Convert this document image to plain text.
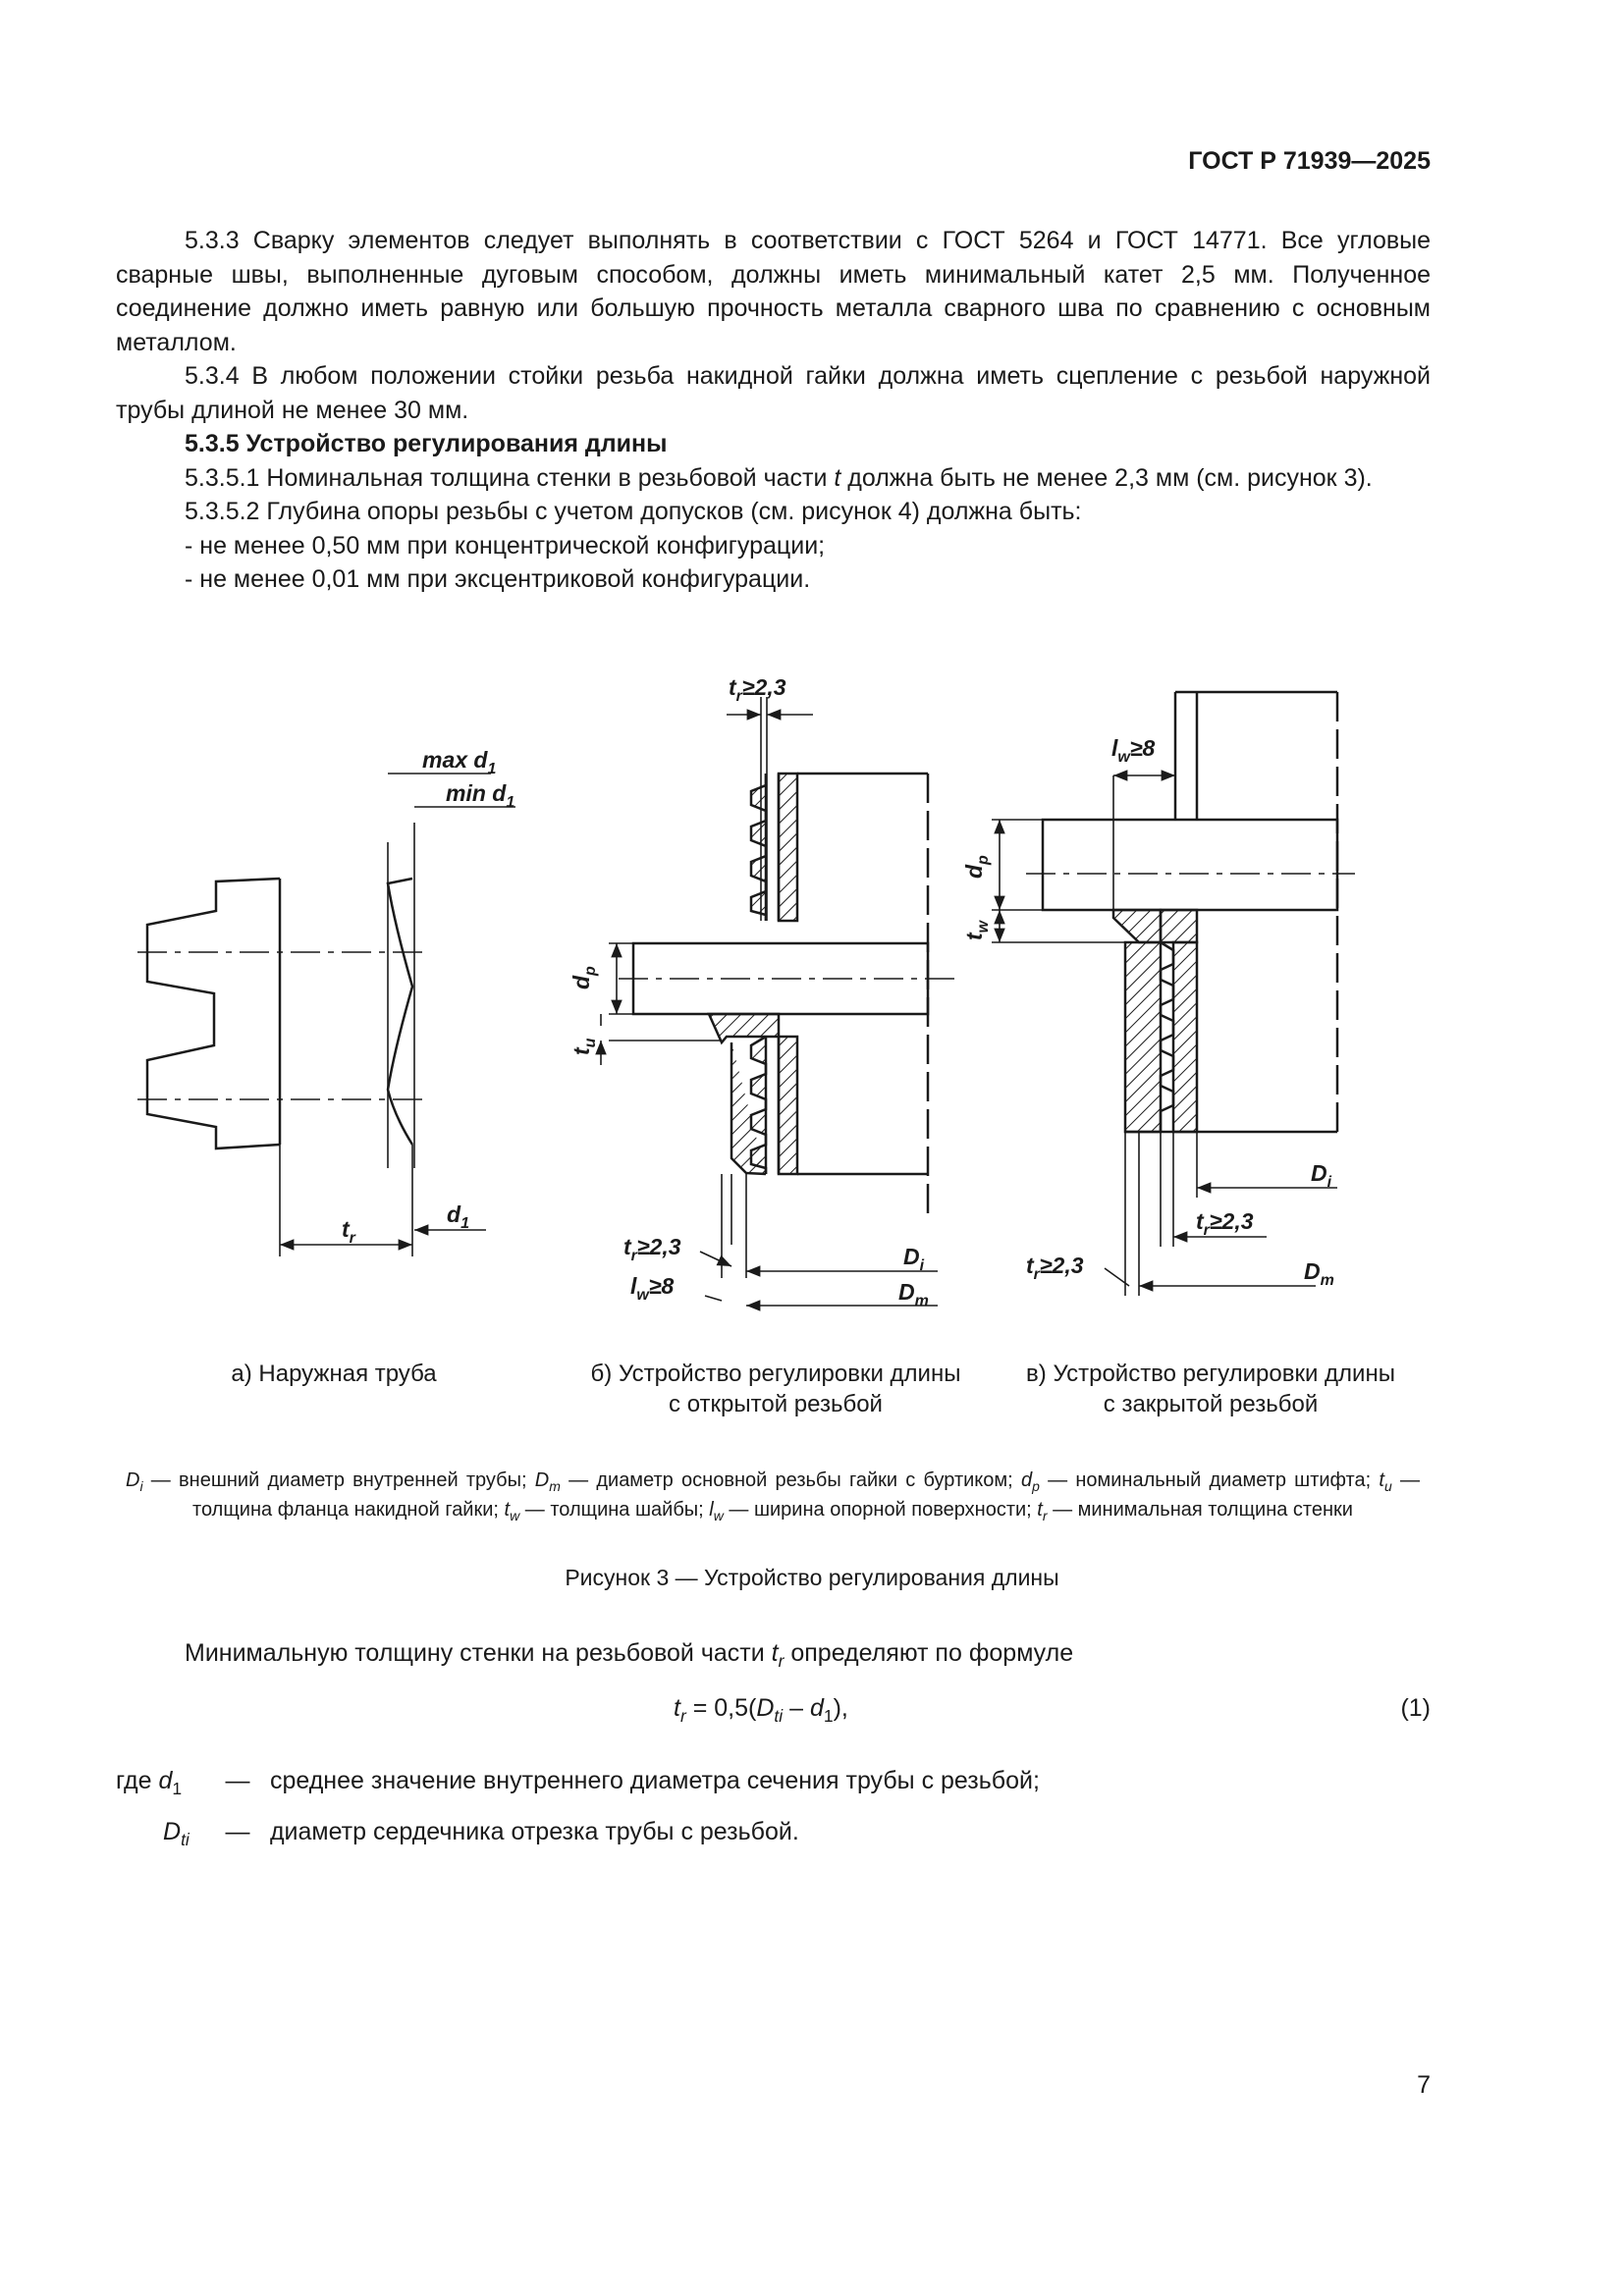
ГОСТ Р 71939—2025

5.3.3 Сварку элементов следует выполнять в соответствии с ГОСТ 5264 и ГОСТ 14771. Все угловые сварные швы, выполненные дуговым способом, должны иметь минимальный катет 2,5 мм. Полученное соединение должно иметь равную или большую прочность металла сварного шва по сравнению с основным металлом.

5.3.4 В любом положении стойки резьба накидной гайки должна иметь сцепление с резьбой наружной трубы длиной не менее 30 мм.

5.3.5 Устройство регулирования длины

5.3.5.1 Номинальная толщина стенки в резьбовой части t должна быть не менее 2,3 мм (см. рисунок 3).

5.3.5.2 Глубина опоры резьбы с учетом допусков (см. рисунок 4) должна быть:

- не менее 0,50 мм при концентрической конфигурации;

- не менее 0,01 мм при эксцентриковой конфигурации.

$\max d_1$
$\min d_1$
$t_r$
$d_1$
$t_r\ge 2,3$
$d_p$
$t_u$
$t_r\ge 2,3$
$l_w\ge 8$
$D_i$
$D_m$
$l_w\ge 8$
$d_p$
$t_w$
$D_i$
$t_r\ge 2,3$
$t_r\ge 2,3$	$D_m$
а) Наружная труба	б) Устройство регулировки длины
с открытой резьбой
в) Устройство регулировки длины
с закрытой резьбой
$D_i$ — внешний диаметр внутренней трубы; $D_m$ — диаметр основной резьбы гайки с буртиком; $d_p$ — номинальный диаметр штифта; $t_u$ — толщина фланца накидной гайки; $t_w$ — толщина шайбы; $l_w$ — ширина опорной поверхности; $t_r$ — минимальная толщина стенки
Рисунок 3 — Устройство регулирования длины
Минимальную толщину стенки на резьбовой части $t_r$ определяют по формуле
$t_r = 0,5(D_{ti} - d_1)$,	(1)
где $d_1$ — среднее значение внутреннего диаметра сечения трубы с резьбой;
$D_{ti}$ — диаметр сердечника отрезка трубы с резьбой.
7
